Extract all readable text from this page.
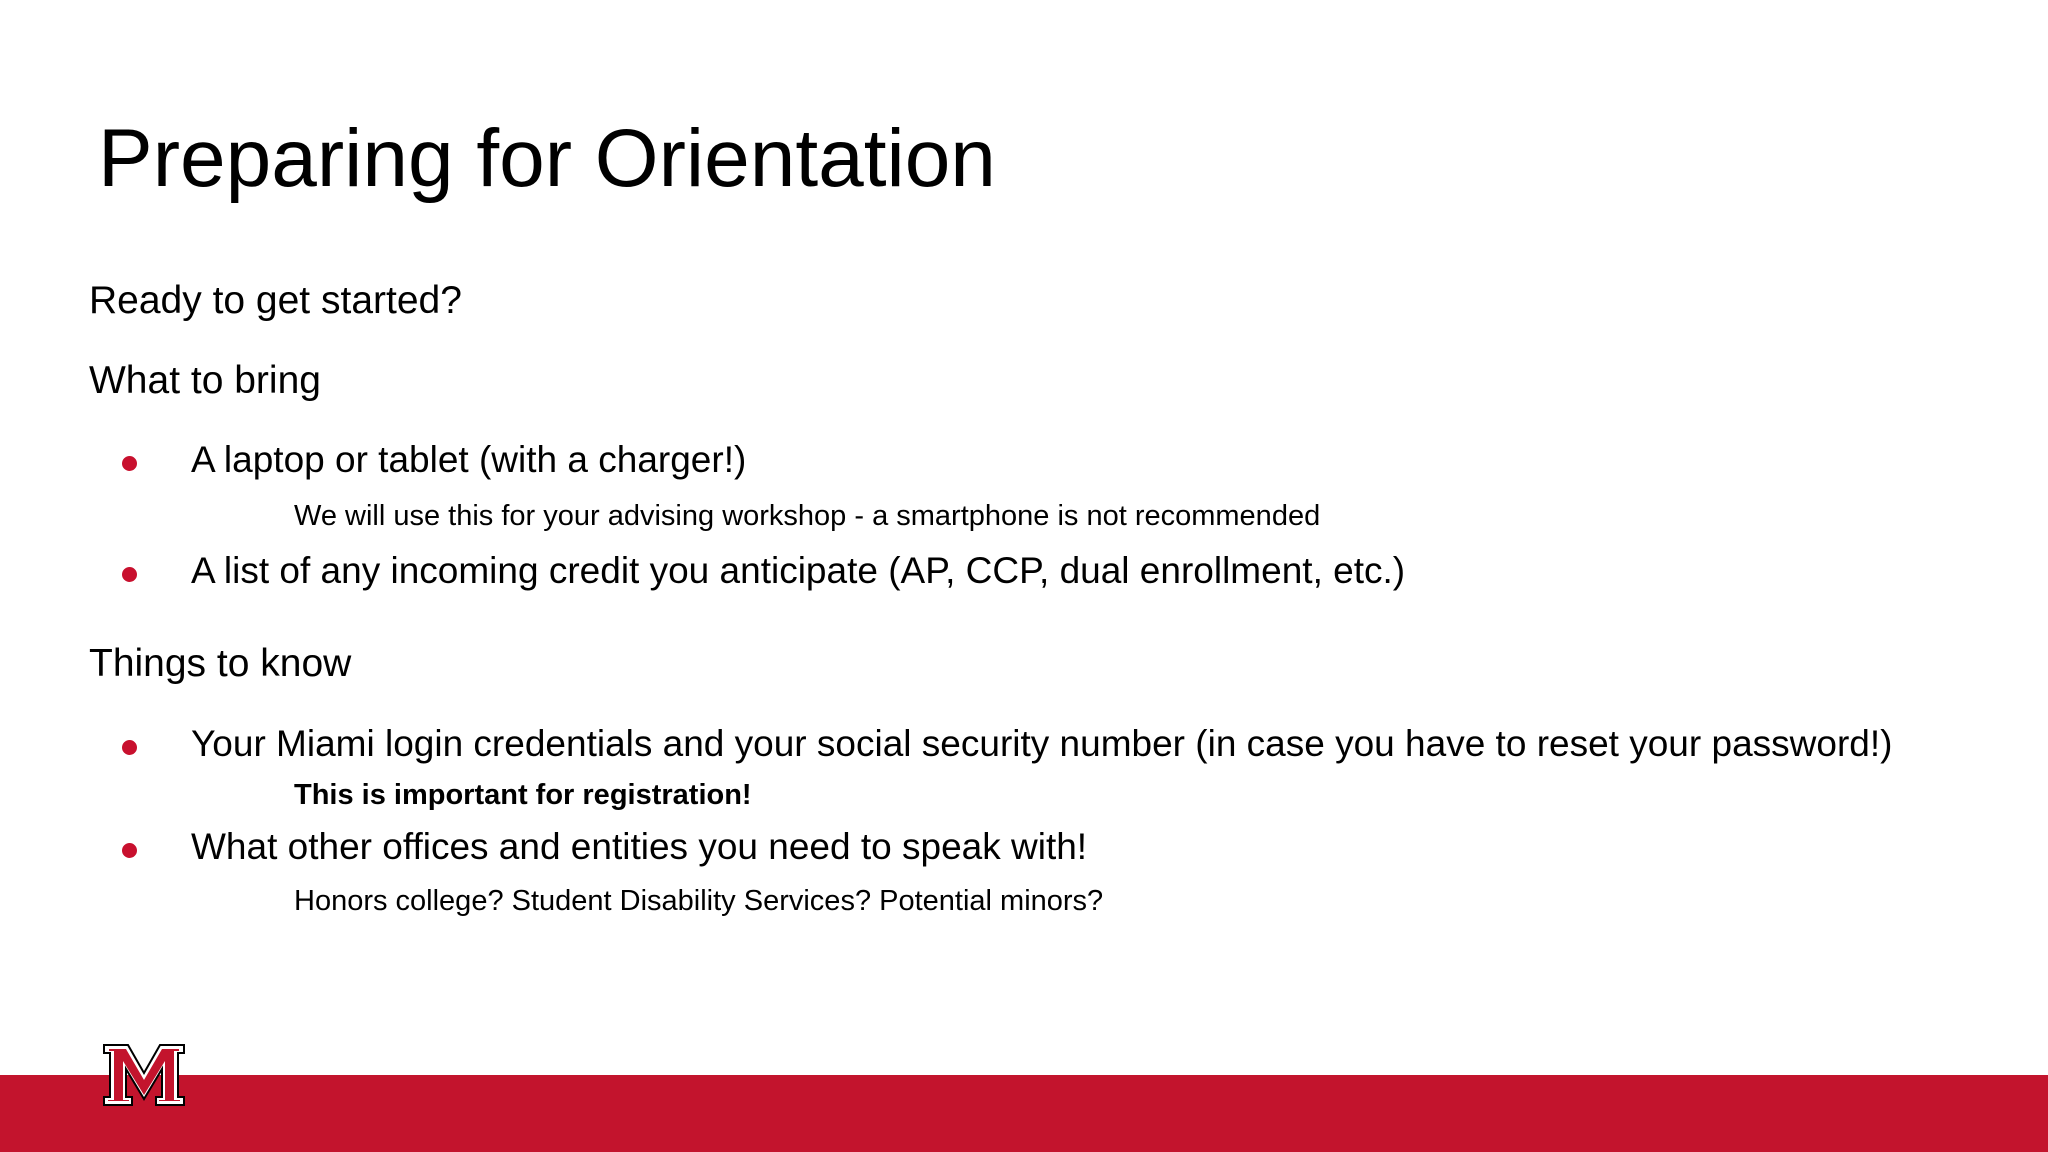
Preparing for Orientation

Ready to get started?

What to bring

A laptop or tablet (with a charger!)

We will use this for your advising workshop - a smartphone is not recommended

A list of any incoming credit you anticipate (AP, CCP, dual enrollment, etc.)

Things to know

Your Miami login credentials and your social security number (in case you have to reset your password!)

This is important for registration!

What other offices and entities you need to speak with!

Honors college? Student Disability Services? Potential minors?
